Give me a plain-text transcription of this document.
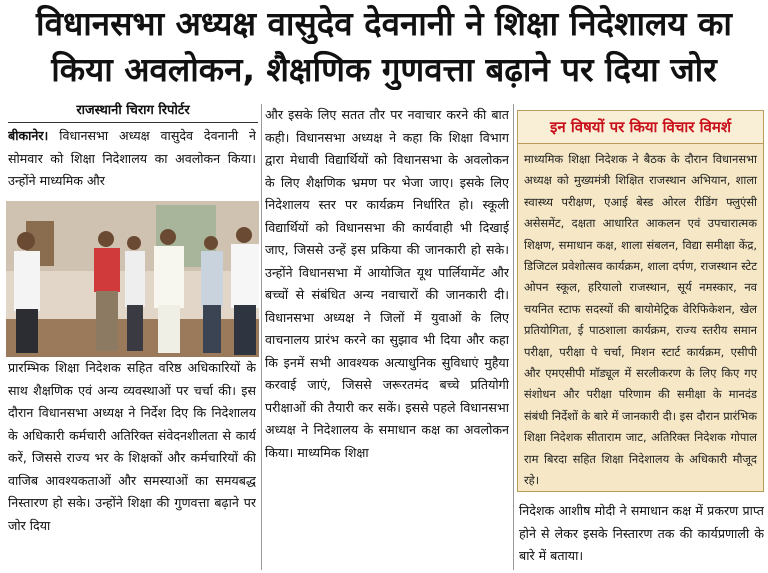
विधानसभा अध्यक्ष वासुदेव देवनानी ने शिक्षा निदेशालय का
किया अवलोकन, शैक्षणिक गुणवत्ता बढ़ाने पर दिया जोर
राजस्थानी चिराग रिपोर्टर
बीकानेर। विधानसभा अध्यक्ष वासुदेव देवनानी ने सोमवार को शिक्षा निदेशालय का अवलोकन किया। उन्होंने माध्यमिक और
प्रारम्भिक शिक्षा निदेशक सहित वरिष्ठ अधिकारियों के साथ शैक्षणिक एवं अन्य व्यवस्थाओं पर चर्चा की। इस दौरान विधानसभा अध्यक्ष ने निर्देश दिए कि निदेशालय के अधिकारी कर्मचारी अतिरिक्त संवेदनशीलता से कार्य करें, जिससे राज्य भर के शिक्षकों और कर्मचारियों की वाजिब आवश्यकताओं और समस्याओं का समयबद्ध निस्तारण हो सके। उन्होंने शिक्षा की गुणवत्ता बढ़ाने पर जोर दिया
और इसके लिए सतत तौर पर नवाचार करने की बात कही। विधानसभा अध्यक्ष ने कहा कि शिक्षा विभाग द्वारा मेधावी विद्यार्थियों को विधानसभा के अवलोकन के लिए शैक्षणिक भ्रमण पर भेजा जाए। इसके लिए निदेशालय स्तर पर कार्यक्रम निर्धारित हो। स्कूली विद्यार्थियों को विधानसभा की कार्यवाही भी दिखाई जाए, जिससे उन्हें इस प्रकिया की जानकारी हो सके। उन्होंने विधानसभा में आयोजित यूथ पार्लियामेंट और बच्चों से संबंधित अन्य नवाचारों की जानकारी दी। विधानसभा अध्यक्ष ने जिलों में युवाओं के लिए वाचनालय प्रारंभ करने का सुझाव भी दिया और कहा कि इनमें सभी आवश्यक अत्याधुनिक सुविधाएं मुहैया करवाई जाएं, जिससे जरूरतमंद बच्चे प्रतियोगी परीक्षाओं की तैयारी कर सकें। इससे पहले विधानसभा अध्यक्ष ने निदेशालय के समाधान कक्ष का अवलोकन किया। माध्यमिक शिक्षा
इन विषयों पर किया विचार विमर्श
माध्यमिक शिक्षा निदेशक ने बैठक के दौरान विधानसभा अध्यक्ष को मुख्यमंत्री शिक्षित राजस्थान अभियान, शाला स्वास्थ्य परीक्षण, एआई बेस्ड ओरल रीडिंग फ्लुएंसी असेसमेंट, दक्षता आधारित आकलन एवं उपचारात्मक शिक्षण, समाधान कक्ष, शाला संबलन, विद्या समीक्षा केंद्र, डिजिटल प्रवेशोत्सव कार्यक्रम, शाला दर्पण, राजस्थान स्टेट ओपन स्कूल, हरियालो राजस्थान, सूर्य नमस्कार, नव चयनित स्टाफ सदस्यों की बायोमेट्रिक वेरिफिकेशन, खेल प्रतियोगिता, ई पाठशाला कार्यक्रम, राज्य स्तरीय समान परीक्षा, परीक्षा पे चर्चा, मिशन स्टार्ट कार्यक्रम, एसीपी और एमएसीपी मॉड्यूल में सरलीकरण के लिए किए गए संशोधन और परीक्षा परिणाम की समीक्षा के मानदंड संबंधी निर्देशों के बारे में जानकारी दी। इस दौरान प्रारंभिक शिक्षा निदेशक सीताराम जाट, अतिरिक्त निदेशक गोपाल राम बिरदा सहित शिक्षा निदेशालय के अधिकारी मौजूद रहे।
निदेशक आशीष मोदी ने समाधान कक्ष में प्रकरण प्राप्त होने से लेकर इसके निस्तारण तक की कार्यप्रणाली के बारे में बताया।
